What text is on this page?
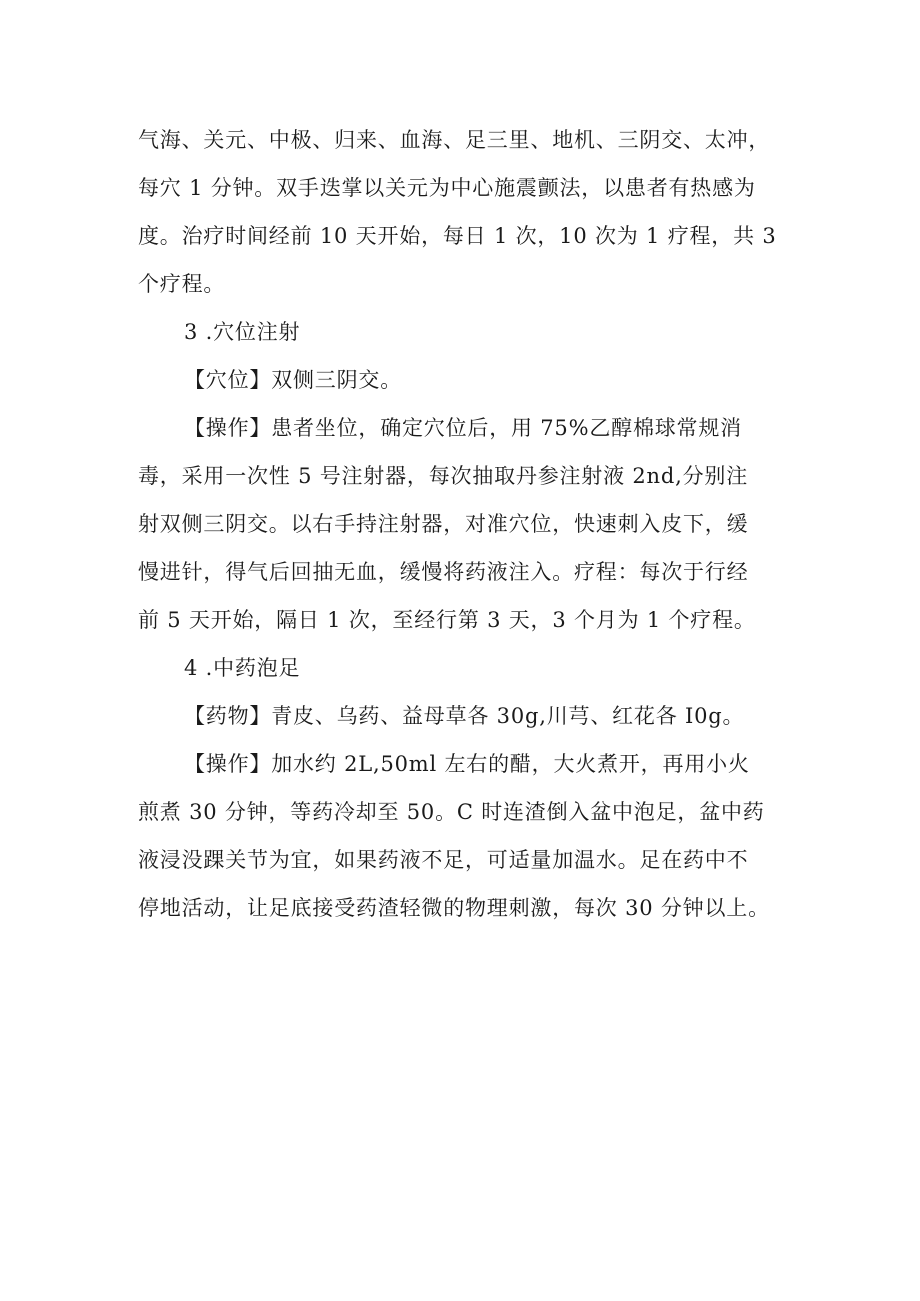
气海、关元、中极、归来、血海、足三里、地机、三阴交、太冲，
每穴 1 分钟。双手迭掌以关元为中心施震颤法，以患者有热感为
度。治疗时间经前 10 天开始，每日 1 次，10 次为 1 疗程，共 3
个疗程。
3 .穴位注射
【穴位】双侧三阴交。
【操作】患者坐位，确定穴位后，用 75%乙醇棉球常规消
毒，采用一次性 5 号注射器，每次抽取丹参注射液 2nd,分别注
射双侧三阴交。以右手持注射器，对准穴位，快速刺入皮下，缓
慢进针，得气后回抽无血，缓慢将药液注入。疗程：每次于行经
前 5 天开始，隔日 1 次，至经行第 3 天，3 个月为 1 个疗程。
4 .中药泡足
【药物】青皮、乌药、益母草各 30g,川芎、红花各 I0g。
【操作】加水约 2L,50ml 左右的醋，大火煮开，再用小火
煎煮 30 分钟，等药冷却至 50。C 时连渣倒入盆中泡足，盆中药
液浸没踝关节为宜，如果药液不足，可适量加温水。足在药中不
停地活动，让足底接受药渣轻微的物理刺激，每次 30 分钟以上。
